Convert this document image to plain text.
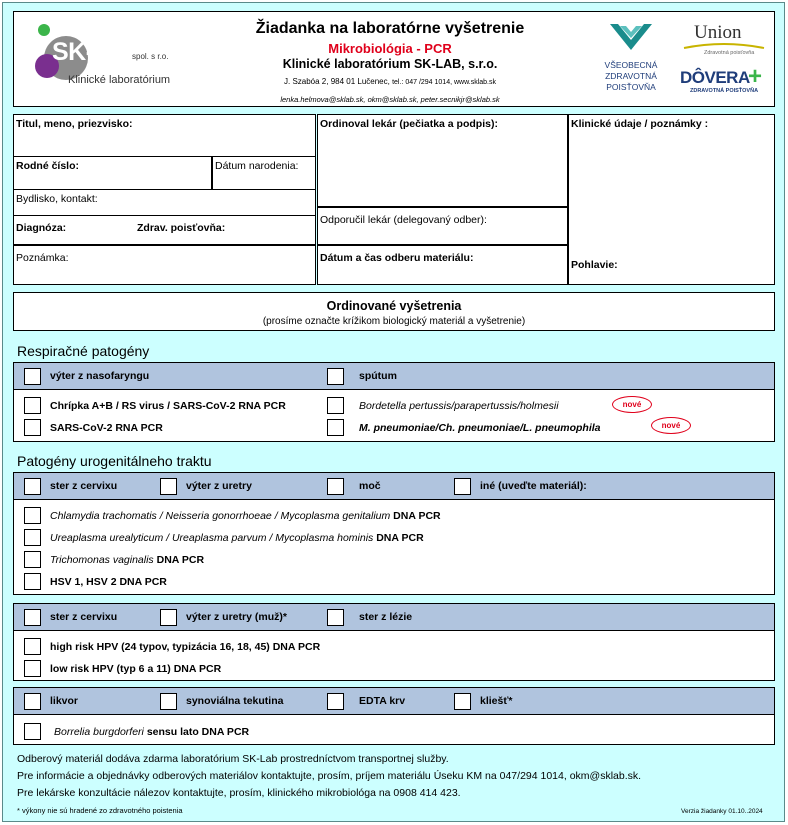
SK-Lab
spol. s r.o.
Klinické laboratórium
Žiadanka na laboratórne vyšetrenie
Mikrobiológia - PCR
Klinické laboratórium SK-LAB, s.r.o.
J. Szabóa 2, 984 01 Lučenec, tel.: 047 /294 1014, www.sklab.sk
lenka.helmova@sklab.sk, okm@sklab.sk, peter.secnikjr@sklab.sk
VŠEOBECNÁ
ZDRAVOTNÁ
POISŤOVŇA
Union
Zdravotná poisťovňa
DÔVERA
+
ZDRAVOTNÁ POISŤOVŇA
Titul, meno, priezvisko:
Rodné číslo:	Dátum narodenia:
Bydlisko, kontakt:
Diagnóza:	Zdrav. poisťovňa:
Poznámka:
Ordinoval lekár (pečiatka a podpis):
Odporučil lekár (delegovaný odber):
Dátum a čas odberu materiálu:
Klinické údaje / poznámky :
Pohlavie:
Ordinované vyšetrenia
(prosíme označte krížikom biologický materiál a vyšetrenie)
Respiračné patogény
výter z nasofaryngu	spútum
Chrípka A+B / RS virus / SARS-CoV-2 RNA PCR
SARS-CoV-2 RNA PCR
Bordetella pertussis/parapertussis/holmesii	nové
M. pneumoniae/Ch. pneumoniae/L. pneumophila	nové
Patogény urogenitálneho traktu
ster z cervixu	výter z uretry	moč	iné (uveďte materiál):
Chlamydia trachomatis / Neisseria gonorrhoeae / Mycoplasma genitalium DNA PCR
Ureaplasma urealyticum / Ureaplasma parvum / Mycoplasma hominis DNA PCR
Trichomonas vaginalis DNA PCR
HSV 1, HSV 2 DNA PCR
ster z cervixu	výter z uretry (muž)*	ster z lézie
high risk HPV (24 typov, typizácia 16, 18, 45) DNA PCR
low risk HPV (typ 6 a 11) DNA PCR
likvor	synoviálna tekutina	EDTA krv	kliešť*
Borrelia burgdorferi sensu lato DNA PCR
Odberový materiál dodáva zdarma laboratórium SK-Lab prostredníctvom transportnej služby.
Pre informácie a objednávky odberových materiálov kontaktujte, prosím, príjem materiálu Úseku KM na 047/294 1014, okm@sklab.sk.
Pre lekárske konzultácie nálezov kontaktujte, prosím, klinického mikrobiológa na 0908 414 423.
* výkony nie sú hradené zo zdravotného poistenia	Verzia žiadanky 01.10..2024
